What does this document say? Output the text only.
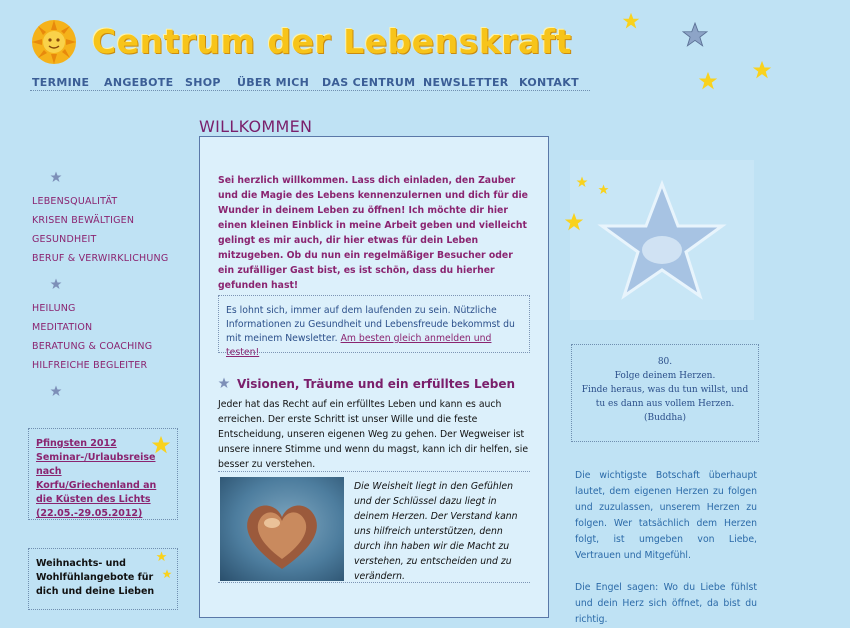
Centrum der Lebenskraft
TERMINE ANGEBOTE SHOP ÜBER MICH DAS CENTRUM NEWSLETTER KONTAKT
LEBENSQUALITÄT
KRISEN BEWÄLTIGEN
GESUNDHEIT
BERUF & VERWIRKLICHUNG
HEILUNG
MEDITATION
BERATUNG & COACHING
HILFREICHE BEGLEITER
Pfingsten 2012 Seminar-/Urlaubsreise nach Korfu/Griechenland an die Küsten des Lichts (22.05.-29.05.2012)
Weihnachts- und Wohlfühlangebote für dich und deine Lieben
WILLKOMMEN
Sei herzlich willkommen. Lass dich einladen, den Zauber und die Magie des Lebens kennenzulernen und dich für die Wunder in deinem Leben zu öffnen! Ich möchte dir hier einen kleinen Einblick in meine Arbeit geben und vielleicht gelingt es mir auch, dir hier etwas für dein Leben mitzugeben. Ob du nun ein regelmäßiger Besucher oder ein zufälliger Gast bist, es ist schön, dass du hierher gefunden hast!
Es lohnt sich, immer auf dem laufenden zu sein. Nützliche Informationen zu Gesundheit und Lebensfreude bekommst du mit meinem Newsletter. Am besten gleich anmelden und testen!
Visionen, Träume und ein erfülltes Leben
Jeder hat das Recht auf ein erfülltes Leben und kann es auch erreichen. Der erste Schritt ist unser Wille und die feste Entscheidung, unseren eigenen Weg zu gehen. Der Wegweiser ist unsere innere Stimme und wenn du magst, kann ich dir helfen, sie besser zu verstehen.
Die Weisheit liegt in den Gefühlen und der Schlüssel dazu liegt in deinem Herzen. Der Verstand kann uns hilfreich unterstützen, denn durch ihn haben wir die Macht zu verstehen, zu entscheiden und zu verändern.
80.
Folge deinem Herzen.
Finde heraus, was du tun willst, und
tu es dann aus vollem Herzen.
(Buddha)
Die wichtigste Botschaft überhaupt lautet, dem eigenen Herzen zu folgen und zuzulassen, unserem Herzen zu folgen. Wer tatsächlich dem Herzen folgt, ist umgeben von Liebe, Vertrauen und Mitgefühl.
Die Engel sagen: Wo du Liebe fühlst und dein Herz sich öffnet, da bist du richtig.
